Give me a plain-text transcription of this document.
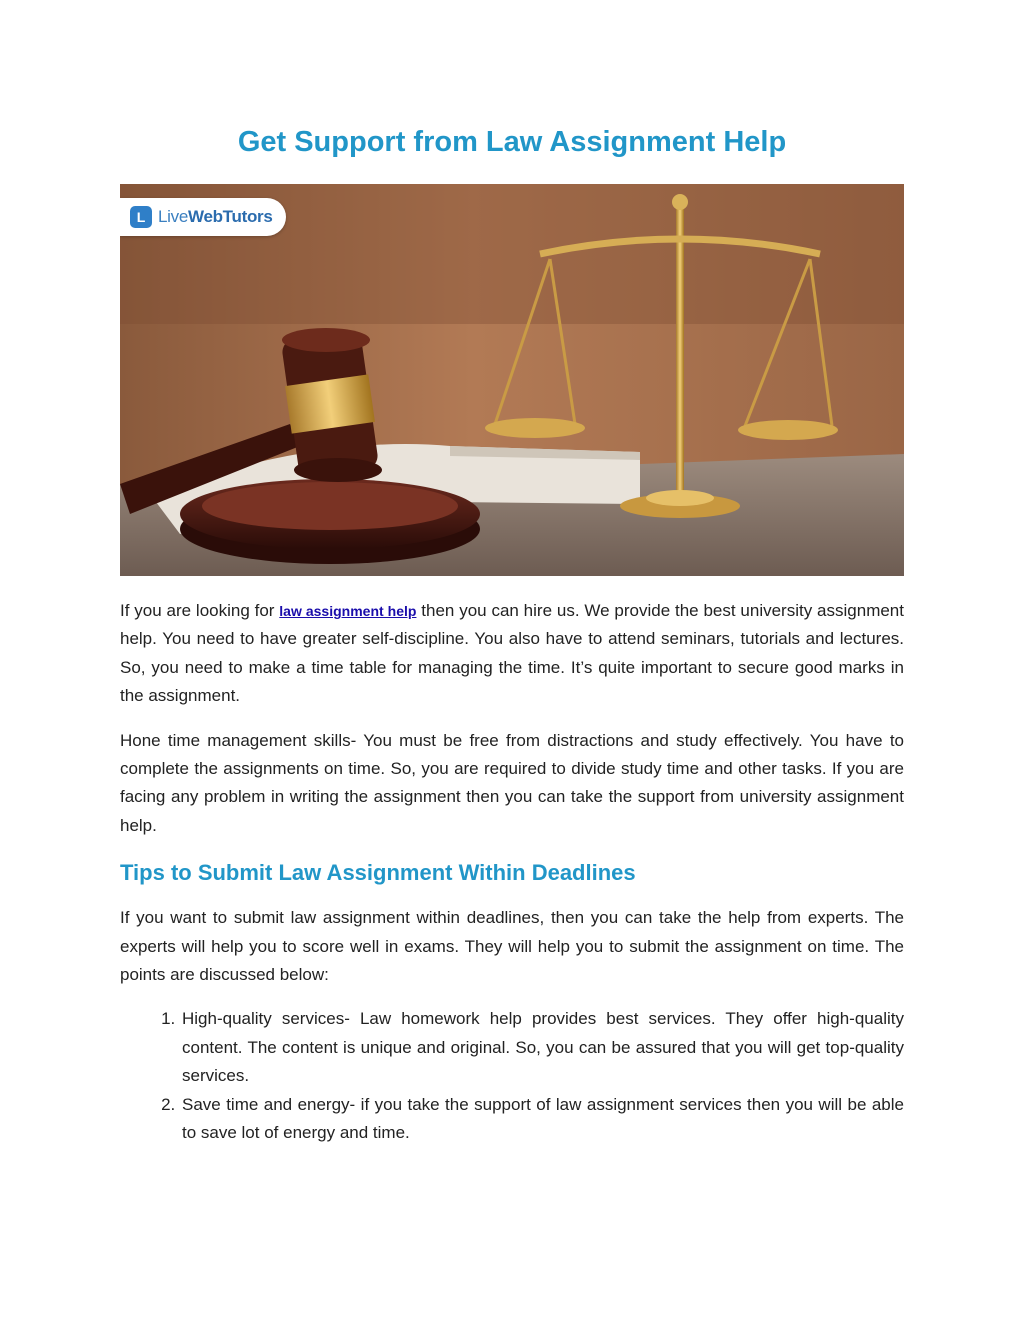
Get Support from Law Assignment Help
L LiveWebTutors

If you are looking for law assignment help then you can hire us. We provide the best university assignment help. You need to have greater self-discipline. You also have to attend seminars, tutorials and lectures. So, you need to make a time table for managing the time. It’s quite important to secure good marks in the assignment.

Hone time management skills- You must be free from distractions and study effectively. You have to complete the assignments on time. So, you are required to divide study time and other tasks. If you are facing any problem in writing the assignment then you can take the support from university assignment help.

Tips to Submit Law Assignment Within Deadlines

If you want to submit law assignment within deadlines, then you can take the help from experts. The experts will help you to score well in exams. They will help you to submit the assignment on time. The points are discussed below:

1. High-quality services- Law homework help provides best services. They offer high-quality content. The content is unique and original. So, you can be assured that you will get top-quality services.
2. Save time and energy- if you take the support of law assignment services then you will be able to save lot of energy and time.
